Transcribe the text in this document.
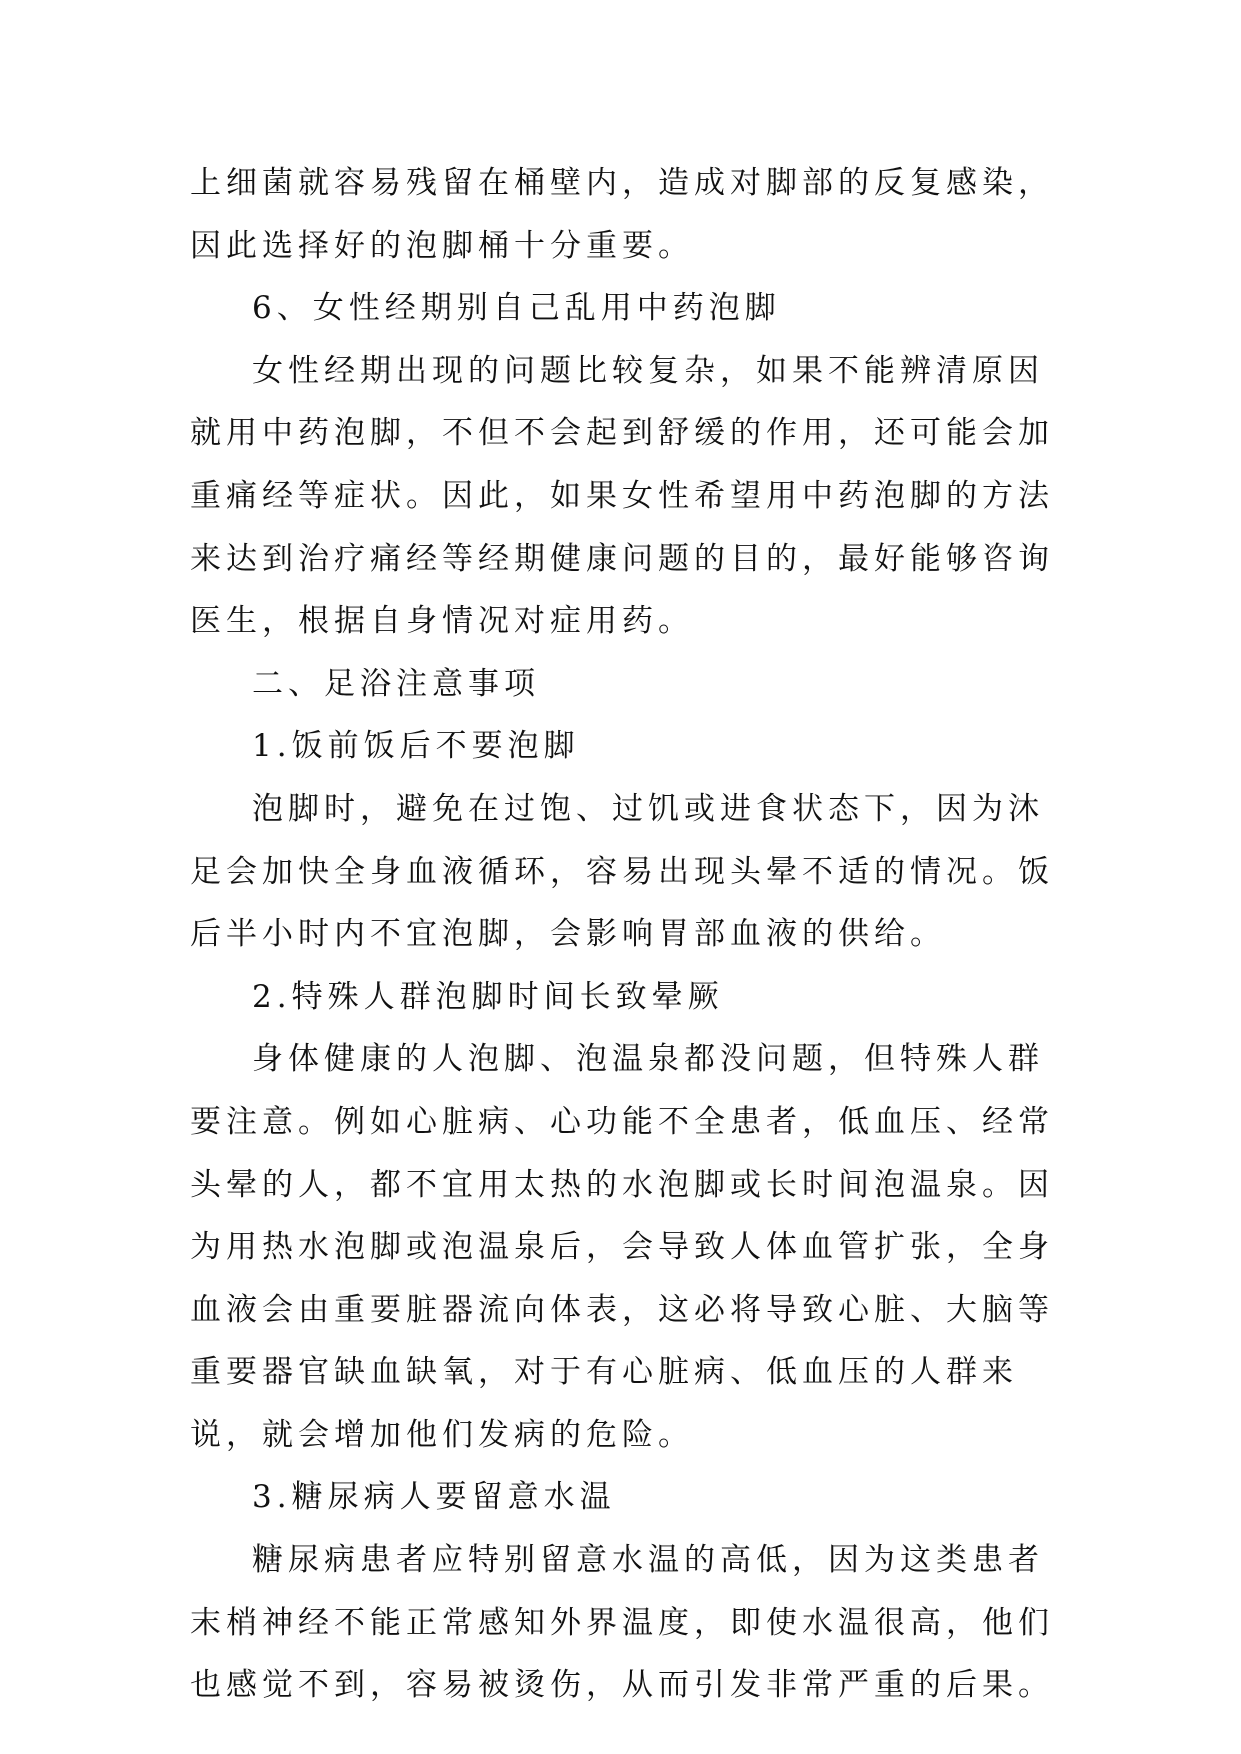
上细菌就容易残留在桶壁内，造成对脚部的反复感染，因此选择好的泡脚桶十分重要。

6、女性经期别自己乱用中药泡脚

女性经期出现的问题比较复杂，如果不能辨清原因就用中药泡脚，不但不会起到舒缓的作用，还可能会加重痛经等症状。因此，如果女性希望用中药泡脚的方法来达到治疗痛经等经期健康问题的目的，最好能够咨询医生，根据自身情况对症用药。

二、足浴注意事项

1.饭前饭后不要泡脚

泡脚时，避免在过饱、过饥或进食状态下，因为沐足会加快全身血液循环，容易出现头晕不适的情况。饭后半小时内不宜泡脚，会影响胃部血液的供给。

2.特殊人群泡脚时间长致晕厥

身体健康的人泡脚、泡温泉都没问题，但特殊人群要注意。例如心脏病、心功能不全患者，低血压、经常头晕的人，都不宜用太热的水泡脚或长时间泡温泉。因为用热水泡脚或泡温泉后，会导致人体血管扩张，全身血液会由重要脏器流向体表，这必将导致心脏、大脑等重要器官缺血缺氧，对于有心脏病、低血压的人群来说，就会增加他们发病的危险。

3.糖尿病人要留意水温

糖尿病患者应特别留意水温的高低，因为这类患者末梢神经不能正常感知外界温度，即使水温很高，他们也感觉不到，容易被烫伤，从而引发非常严重的后果。
